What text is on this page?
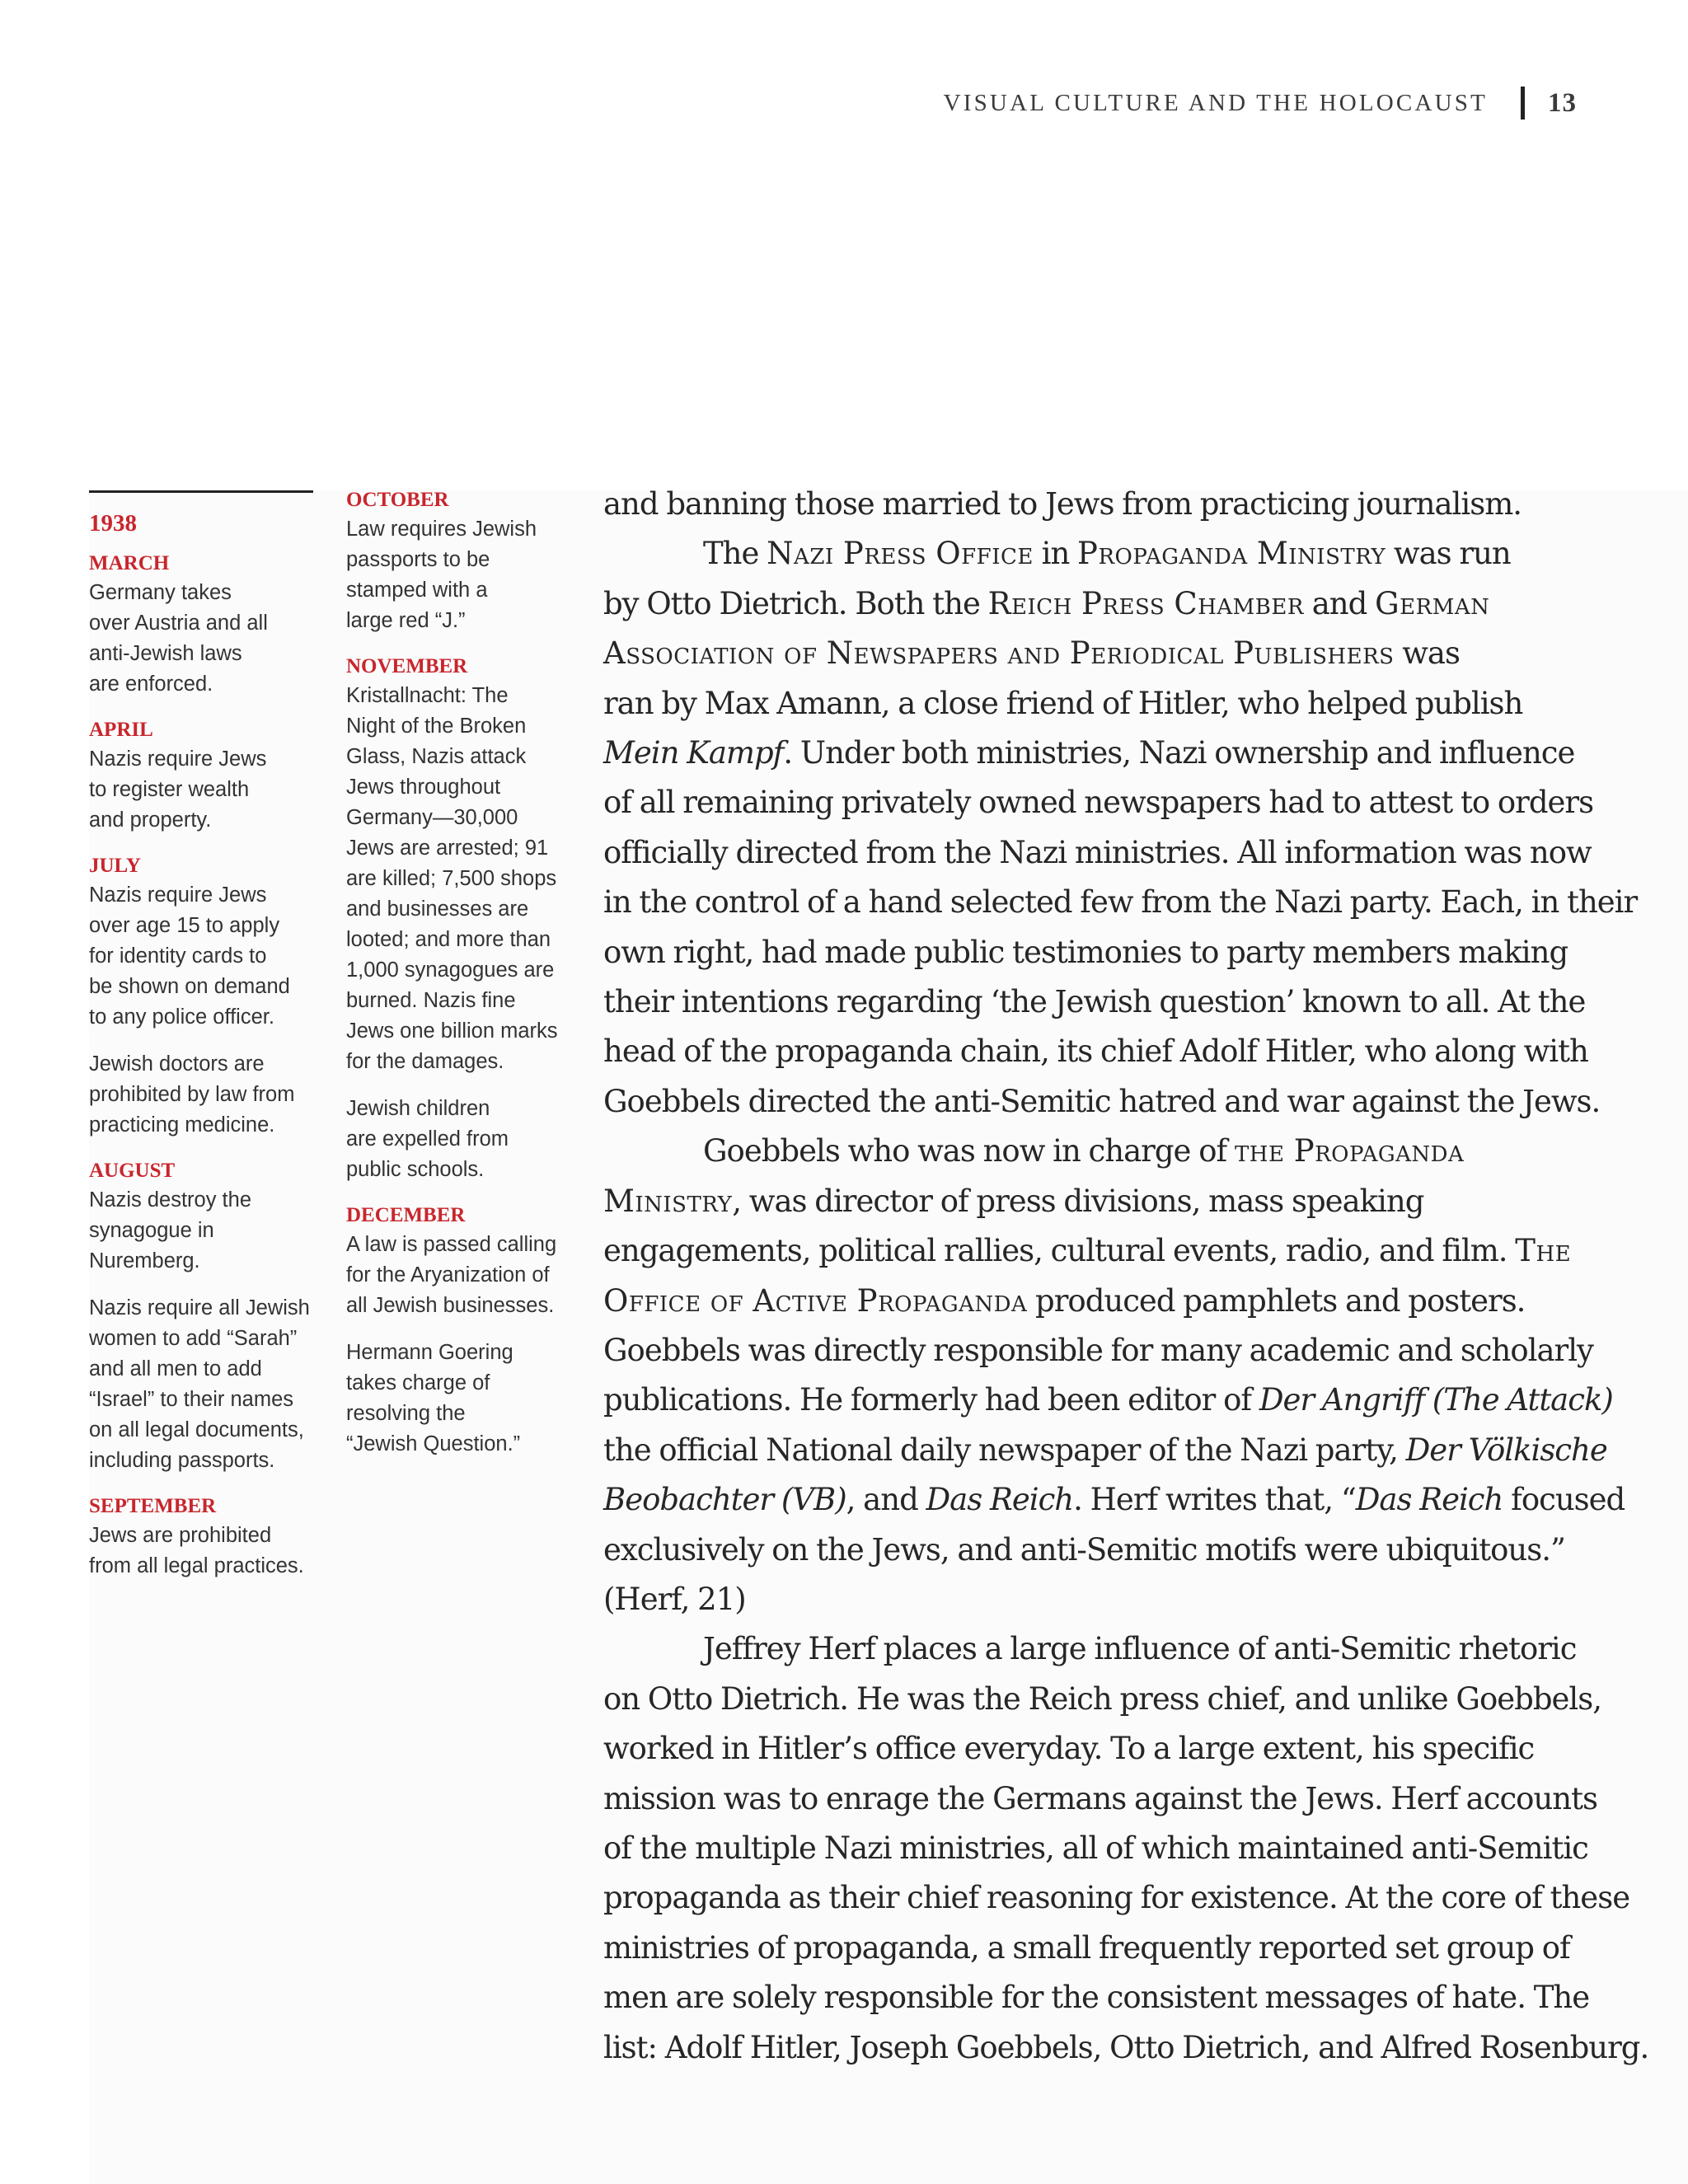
VISUAL CULTURE AND THE HOLOCAUST 13
1938
MARCH
Germany takes
over Austria and all
anti-Jewish laws
are enforced.
APRIL
Nazis require Jews
to register wealth
and property.
JULY
Nazis require Jews
over age 15 to apply
for identity cards to
be shown on demand
to any police officer.
Jewish doctors are
prohibited by law from
practicing medicine.
AUGUST
Nazis destroy the
synagogue in
Nuremberg.
Nazis require all Jewish
women to add “Sarah”
and all men to add
“Israel” to their names
on all legal documents,
including passports.
SEPTEMBER
Jews are prohibited
from all legal practices.
OCTOBER
Law requires Jewish
passports to be
stamped with a
large red “J.”
NOVEMBER
Kristallnacht: The
Night of the Broken
Glass, Nazis attack
Jews throughout
Germany—30,000
Jews are arrested; 91
are killed; 7,500 shops
and businesses are
looted; and more than
1,000 synagogues are
burned. Nazis fine
Jews one billion marks
for the damages.
Jewish children
are expelled from
public schools.
DECEMBER
A law is passed calling
for the Aryanization of
all Jewish businesses.
Hermann Goering
takes charge of
resolving the
“Jewish Question.”
and banning those married to Jews from practicing journalism.
The Nazi Press Office in Propaganda Ministry was run
by Otto Dietrich. Both the Reich Press Chamber and German
Association of Newspapers and Periodical Publishers was
ran by Max Amann, a close friend of Hitler, who helped publish
Mein Kampf. Under both ministries, Nazi ownership and influence
of all remaining privately owned newspapers had to attest to orders
officially directed from the Nazi ministries. All information was now
in the control of a hand selected few from the Nazi party. Each, in their
own right, had made public testimonies to party members making
their intentions regarding ‘the Jewish question’ known to all. At the
head of the propaganda chain, its chief Adolf Hitler, who along with
Goebbels directed the anti-Semitic hatred and war against the Jews.
Goebbels who was now in charge of the Propaganda
Ministry, was director of press divisions, mass speaking
engagements, political rallies, cultural events, radio, and film. The
Office of Active Propaganda produced pamphlets and posters.
Goebbels was directly responsible for many academic and scholarly
publications. He formerly had been editor of Der Angriff (The Attack)
the official National daily newspaper of the Nazi party, Der Völkische
Beobachter (VB), and Das Reich. Herf writes that, “Das Reich focused
exclusively on the Jews, and anti-Semitic motifs were ubiquitous.”
(Herf, 21)
Jeffrey Herf places a large influence of anti-Semitic rhetoric
on Otto Dietrich. He was the Reich press chief, and unlike Goebbels,
worked in Hitler’s office everyday. To a large extent, his specific
mission was to enrage the Germans against the Jews. Herf accounts
of the multiple Nazi ministries, all of which maintained anti-Semitic
propaganda as their chief reasoning for existence. At the core of these
ministries of propaganda, a small frequently reported set group of
men are solely responsible for the consistent messages of hate. The
list: Adolf Hitler, Joseph Goebbels, Otto Dietrich, and Alfred Rosenburg.
